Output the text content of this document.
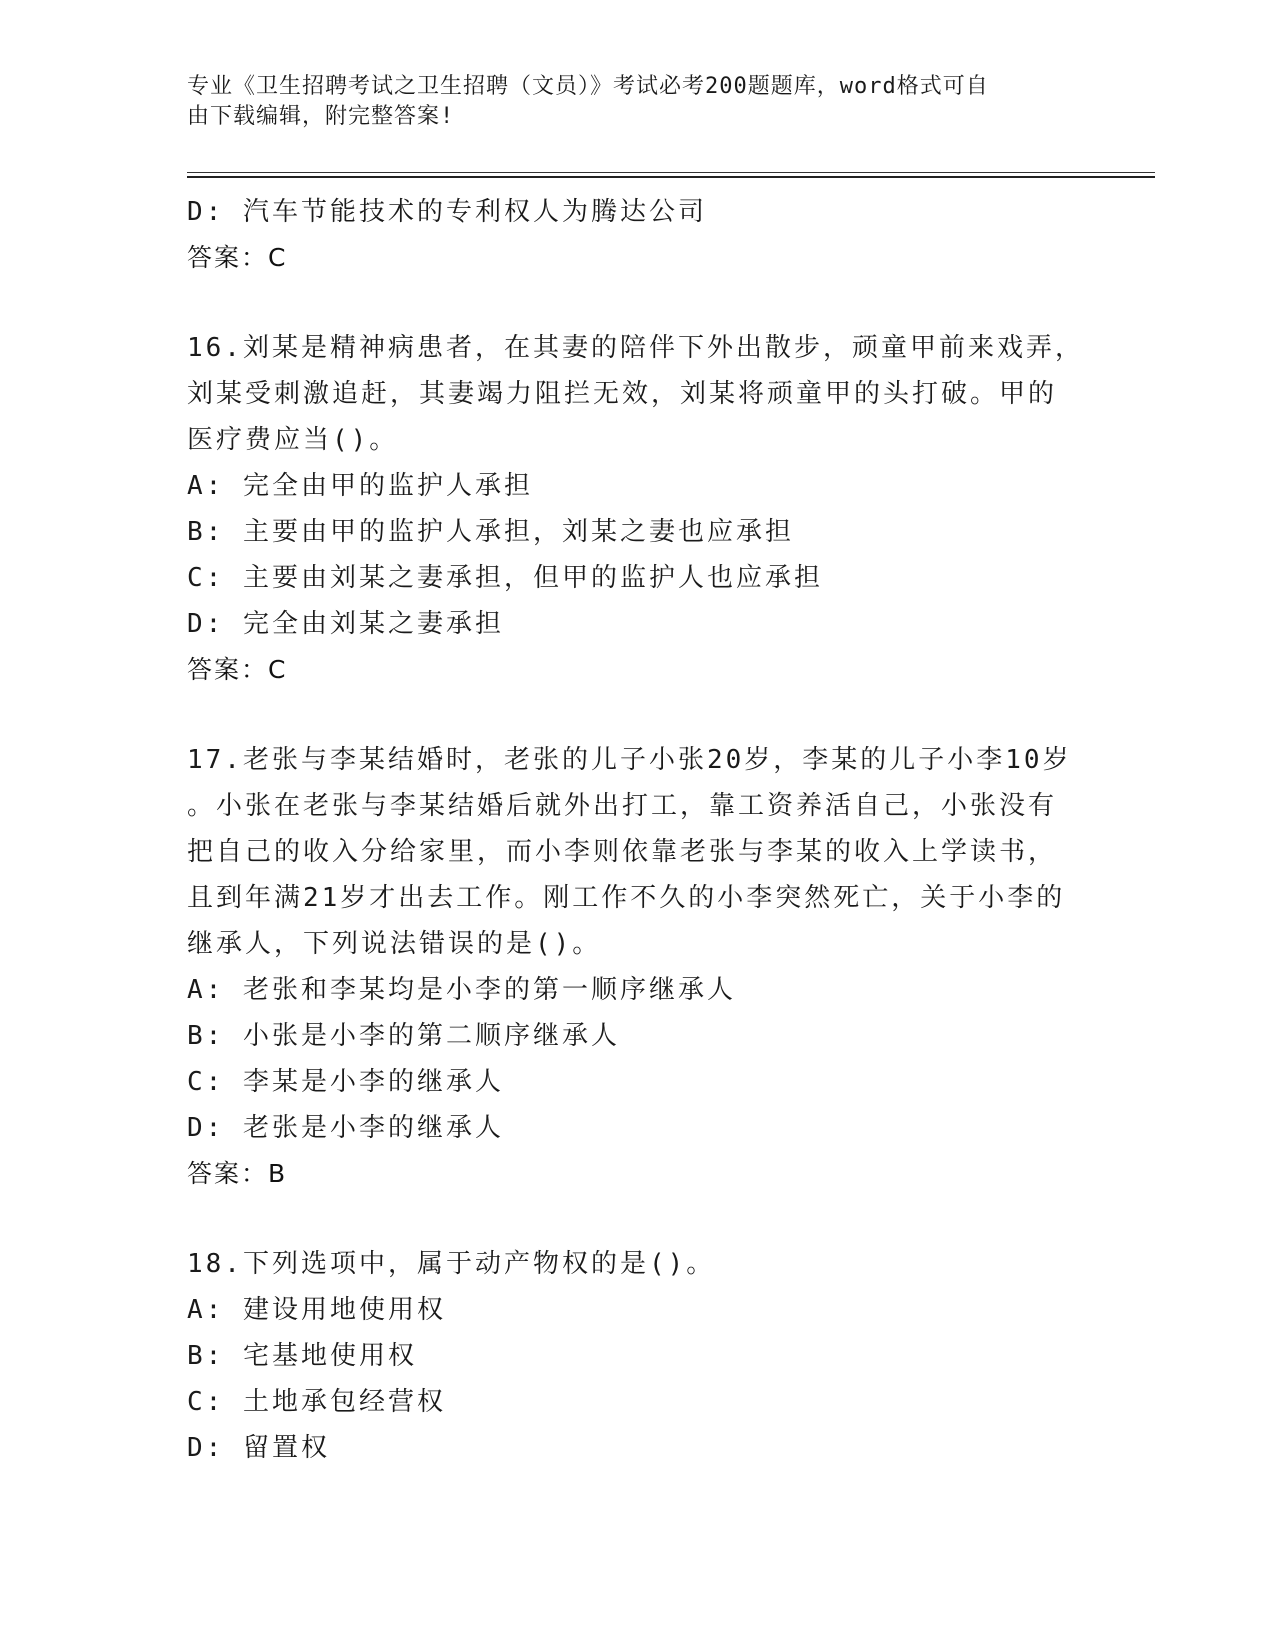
专业《卫生招聘考试之卫生招聘（文员）》考试必考200题题库，word格式可自
由下载编辑，附完整答案!
D: 汽车节能技术的专利权人为腾达公司
答案：C
16.刘某是精神病患者，在其妻的陪伴下外出散步，顽童甲前来戏弄，
刘某受刺激追赶，其妻竭力阻拦无效，刘某将顽童甲的头打破。甲的
医疗费应当()。
A: 完全由甲的监护人承担
B: 主要由甲的监护人承担，刘某之妻也应承担
C: 主要由刘某之妻承担，但甲的监护人也应承担
D: 完全由刘某之妻承担
答案：C
17.老张与李某结婚时，老张的儿子小张20岁，李某的儿子小李10岁
。小张在老张与李某结婚后就外出打工，靠工资养活自己，小张没有
把自己的收入分给家里，而小李则依靠老张与李某的收入上学读书，
且到年满21岁才出去工作。刚工作不久的小李突然死亡，关于小李的
继承人，下列说法错误的是()。
A: 老张和李某均是小李的第一顺序继承人
B: 小张是小李的第二顺序继承人
C: 李某是小李的继承人
D: 老张是小李的继承人
答案：B
18.下列选项中，属于动产物权的是()。
A: 建设用地使用权
B: 宅基地使用权
C: 土地承包经营权
D: 留置权
